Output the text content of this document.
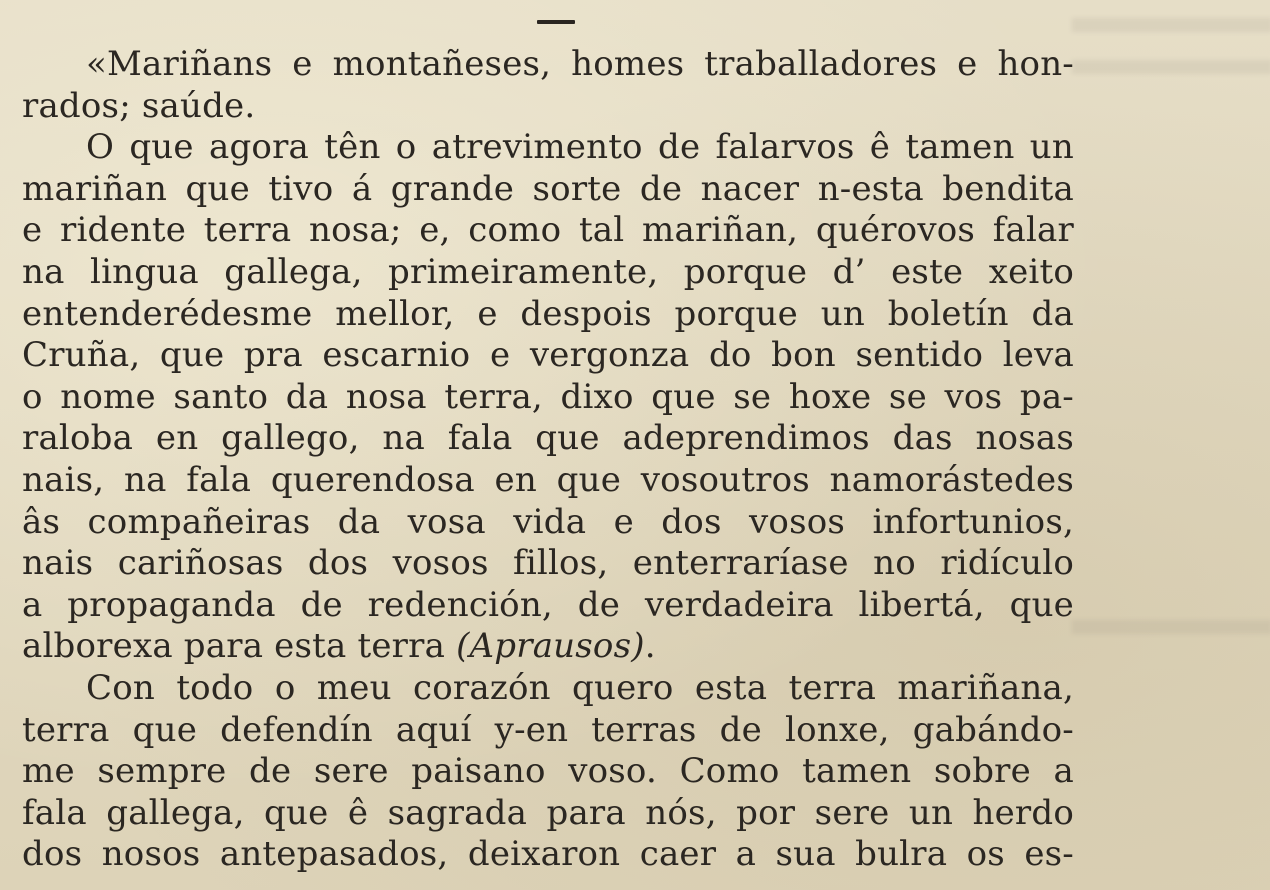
«Mariñans e montañeses, homes traballadores e hon-
rados; saúde.
O que agora tên o atrevimento de falarvos ê tamen un
mariñan que tivo á grande sorte de nacer n-esta bendita
e ridente terra nosa; e, como tal mariñan, quérovos falar
na lingua gallega, primeiramente, porque d’ este xeito
entenderédesme mellor, e despois porque un boletín da
Cruña, que pra escarnio e vergonza do bon sentido leva
o nome santo da nosa terra, dixo que se hoxe se vos pa-
raloba en gallego, na fala que adeprendimos das nosas
nais, na fala querendosa en que vosoutros namorástedes
âs compañeiras da vosa vida e dos vosos infortunios,
nais cariñosas dos vosos fillos, enterraríase no ridículo
a propaganda de redención, de verdadeira libertá, que
alborexa para esta terra (Aprausos).
Con todo o meu corazón quero esta terra mariñana,
terra que defendín aquí y-en terras de lonxe, gabándo-
me sempre de sere paisano voso. Como tamen sobre a
fala gallega, que ê sagrada para nós, por sere un herdo
dos nosos antepasados, deixaron caer a sua bulra os es-
